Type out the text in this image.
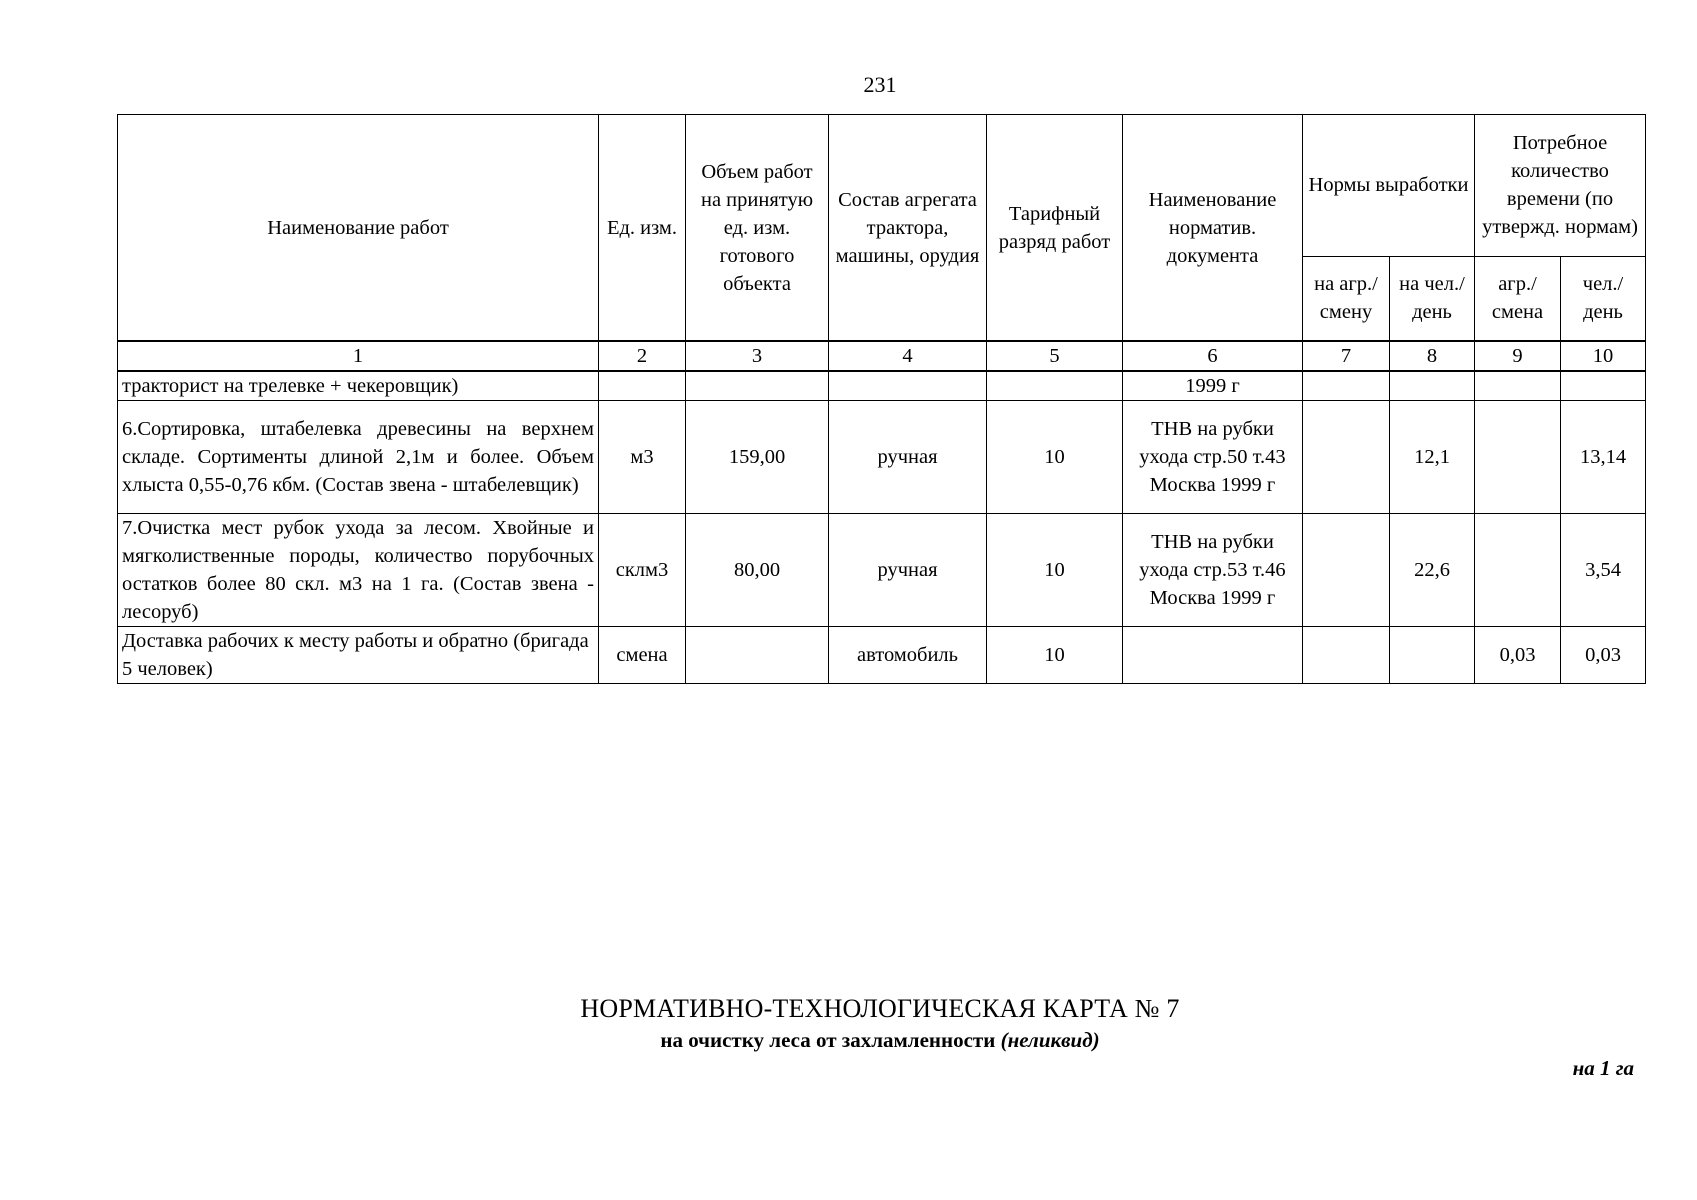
231
Наименование работ	Ед. изм.	Объем работ на принятую ед. изм. готового объекта	Состав агрегата трактора, машины, орудия	Тарифный разряд работ	Наименование норматив. документа	Нормы выработки		Потребное количество времени (по утвержд. нормам)	
						на агр./ смену	на чел./ день	агр./ смена	чел./ день
1	2	3	4	5	6	7	8	9	10
тракторист на трелевке + чекеровщик)					1999 г				
6.Сортировка, штабелевка древесины на верхнем складе. Сортименты длиной 2,1м и более. Объем хлыста 0,55-0,76 кбм. (Состав звена - штабелевщик)	м3	159,00	ручная	10	ТНВ на рубки ухода стр.50 т.43 Москва 1999 г		12,1		13,14
7.Очистка мест рубок ухода за лесом. Хвойные и мягколиственные породы, количество порубочных остатков более 80 скл. м3 на 1 га. (Состав звена - лесоруб)	склм3	80,00	ручная	10	ТНВ на рубки ухода стр.53 т.46 Москва 1999 г		22,6		3,54
Доставка рабочих к месту работы и обратно (бригада 5 человек)	смена		автомобиль	10				0,03	0,03
НОРМАТИВНО-ТЕХНОЛОГИЧЕСКАЯ КАРТА № 7
на очистку леса от захламленности (неликвид)
на 1 га
